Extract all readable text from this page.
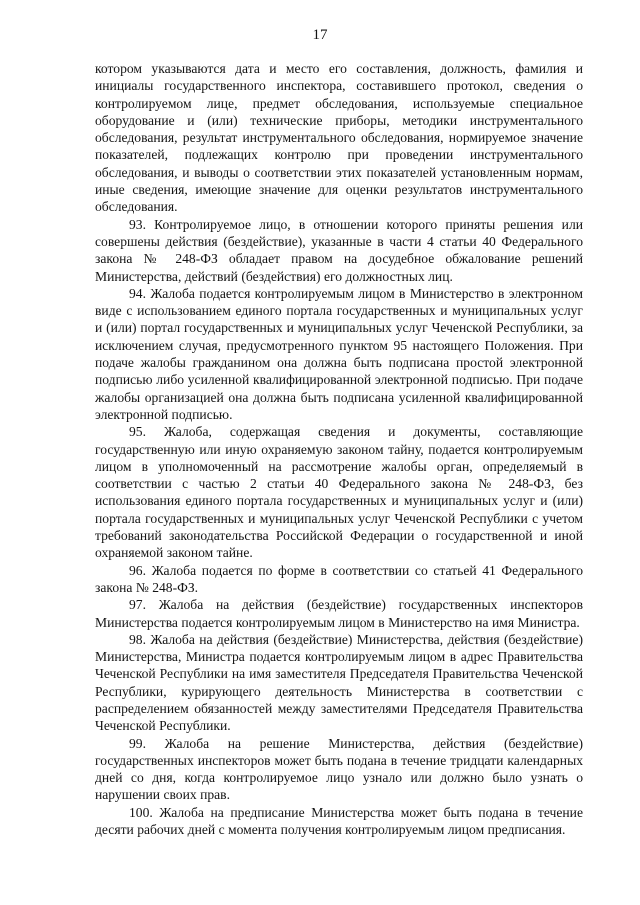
17

котором указываются дата и место его составления, должность, фамилия и инициалы государственного инспектора, составившего протокол, сведения о контролируемом лице, предмет обследования, используемые специальное оборудование и (или) технические приборы, методики инструментального обследования, результат инструментального обследования, нормируемое значение показателей, подлежащих контролю при проведении инструментального обследования, и выводы о соответствии этих показателей установленным нормам, иные сведения, имеющие значение для оценки результатов инструментального обследования.

93. Контролируемое лицо, в отношении которого приняты решения или совершены действия (бездействие), указанные в части 4 статьи 40 Федерального закона № 248-ФЗ обладает правом на досудебное обжалование решений Министерства, действий (бездействия) его должностных лиц.

94. Жалоба подается контролируемым лицом в Министерство в электронном виде с использованием единого портала государственных и муниципальных услуг и (или) портал государственных и муниципальных услуг Чеченской Республики, за исключением случая, предусмотренного пунктом 95 настоящего Положения. При подаче жалобы гражданином она должна быть подписана простой электронной подписью либо усиленной квалифицированной электронной подписью. При подаче жалобы организацией она должна быть подписана усиленной квалифицированной электронной подписью.

95. Жалоба, содержащая сведения и документы, составляющие государственную или иную охраняемую законом тайну, подается контролируемым лицом в уполномоченный на рассмотрение жалобы орган, определяемый в соответствии с частью 2 статьи 40 Федерального закона № 248-ФЗ, без использования единого портала государственных и муниципальных услуг и (или) портала государственных и муниципальных услуг Чеченской Республики с учетом требований законодательства Российской Федерации о государственной и иной охраняемой законом тайне.

96. Жалоба подается по форме в соответствии со статьей 41 Федерального закона № 248-ФЗ.

97. Жалоба на действия (бездействие) государственных инспекторов Министерства подается контролируемым лицом в Министерство на имя Министра.

98. Жалоба на действия (бездействие) Министерства, действия (бездействие) Министерства, Министра подается контролируемым лицом в адрес Правительства Чеченской Республики на имя заместителя Председателя Правительства Чеченской Республики, курирующего деятельность Министерства в соответствии с распределением обязанностей между заместителями Председателя Правительства Чеченской Республики.

99. Жалоба на решение Министерства, действия (бездействие) государственных инспекторов может быть подана в течение тридцати календарных дней со дня, когда контролируемое лицо узнало или должно было узнать о нарушении своих прав.

100. Жалоба на предписание Министерства может быть подана в течение десяти рабочих дней с момента получения контролируемым лицом предписания.
